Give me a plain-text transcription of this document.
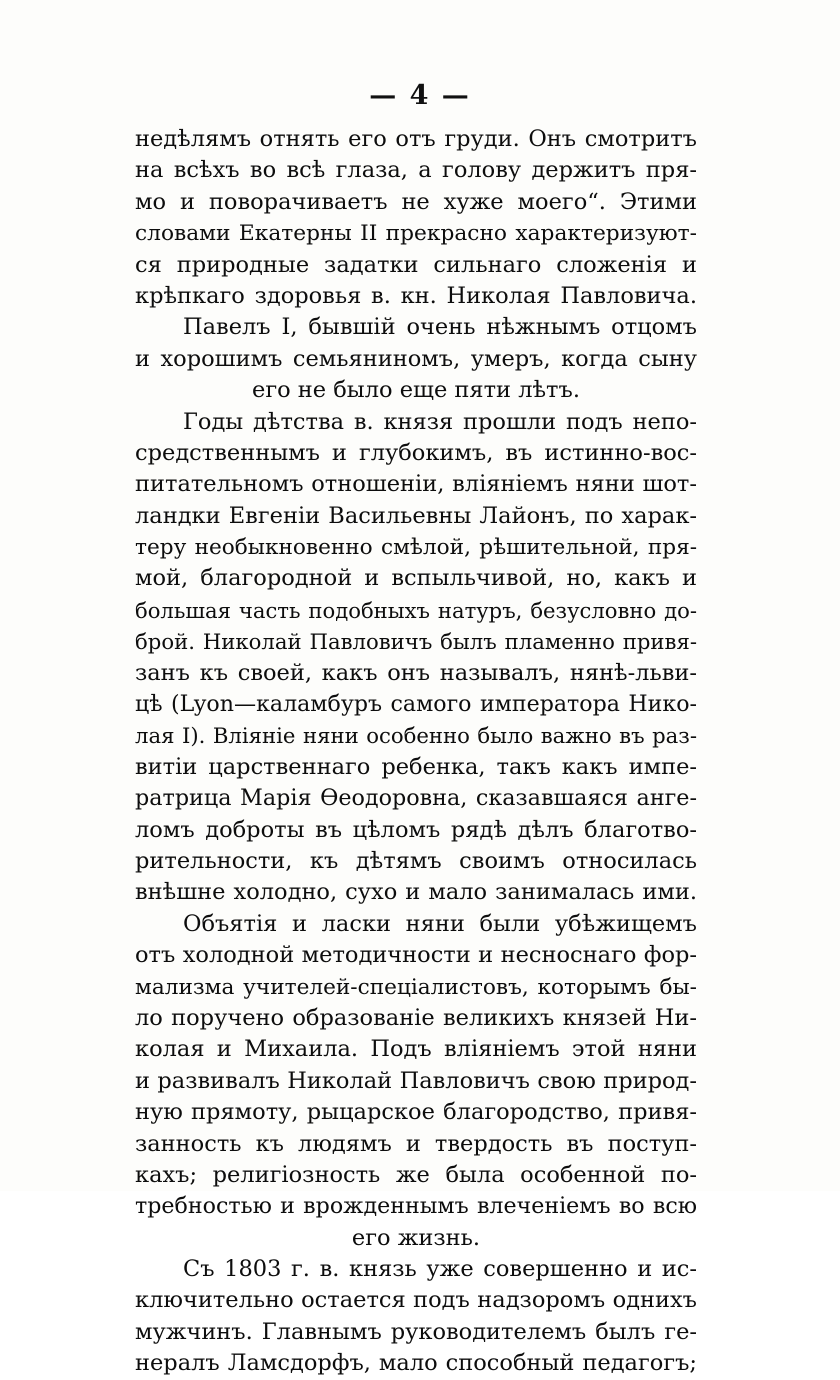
— 4 —
недѣлямъ отнять его отъ груди. Онъ смотритъ
на всѣхъ во всѣ глаза, а голову держитъ пря-
мо и поворачиваетъ не хуже моего“. Этими
словами Екатерны II прекрасно характеризуют-
ся природные задатки сильнаго сложенія и
крѣпкаго здоровья в. кн. Николая Павловича.
Павелъ I, бывшій очень нѣжнымъ отцомъ
и хорошимъ семьяниномъ, умеръ, когда сыну
его не было еще пяти лѣтъ.
Годы дѣтства в. князя прошли подъ непо-
средственнымъ и глубокимъ, въ истинно-вос-
питательномъ отношеніи, вліяніемъ няни шот-
ландки Евгеніи Васильевны Лайонъ, по харак-
теру необыкновенно смѣлой, рѣшительной, пря-
мой, благородной и вспыльчивой, но, какъ и
большая часть подобныхъ натуръ, безусловно до-
брой. Николай Павловичъ былъ пламенно привя-
занъ къ своей, какъ онъ называлъ, нянѣ-льви-
цѣ (Lyon—каламбуръ самого императора Нико-
лая I). Вліяніе няни особенно было важно въ раз-
витіи царственнаго ребенка, такъ какъ импе-
ратрица Марія Ѳеодоровна, сказавшаяся анге-
ломъ доброты въ цѣломъ рядѣ дѣлъ благотво-
рительности, къ дѣтямъ своимъ относилась
внѣшне холодно, сухо и мало занималась ими.
Объятія и ласки няни были убѣжищемъ
отъ холодной методичности и несноснаго фор-
мализма учителей-спеціалистовъ, которымъ бы-
ло поручено образованіе великихъ князей Ни-
колая и Михаила. Подъ вліяніемъ этой няни
и развивалъ Николай Павловичъ свою природ-
ную прямоту, рыцарское благородство, привя-
занность къ людямъ и твердость въ поступ-
кахъ; религіозность же была особенной по-
требностью и врожденнымъ влеченіемъ во всю
его жизнь.
Съ 1803 г. в. князь уже совершенно и ис-
ключительно остается подъ надзоромъ однихъ
мужчинъ. Главнымъ руководителемъ былъ ге-
нералъ Ламсдорфъ, мало способный педагогъ;
